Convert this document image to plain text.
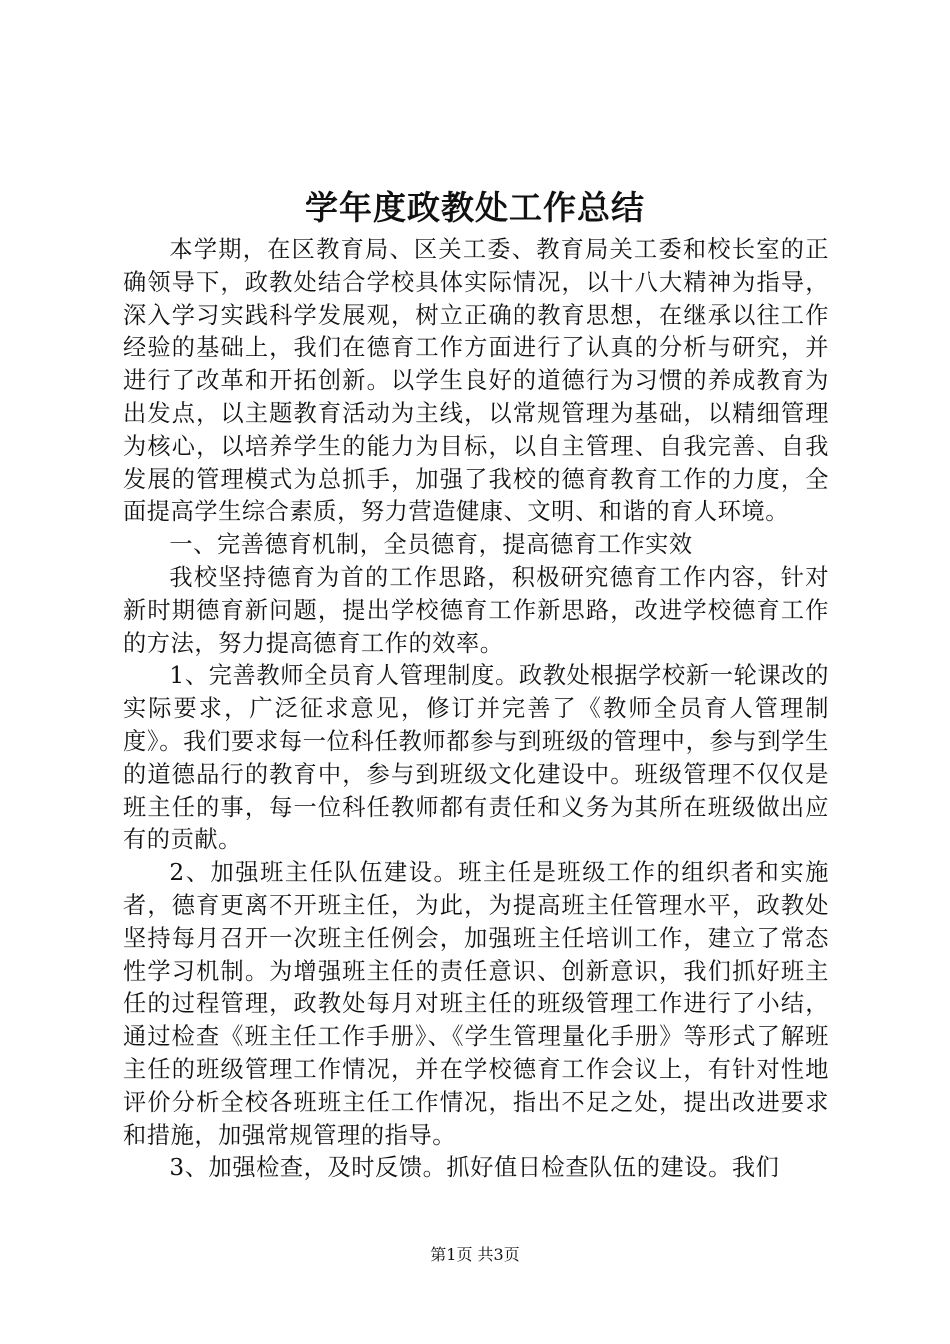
学年度政教处工作总结

本学期，在区教育局、区关工委、教育局关工委和校长室的正确领导下，政教处结合学校具体实际情况，以十八大精神为指导，深入学习实践科学发展观，树立正确的教育思想，在继承以往工作经验的基础上，我们在德育工作方面进行了认真的分析与研究，并进行了改革和开拓创新。以学生良好的道德行为习惯的养成教育为出发点，以主题教育活动为主线，以常规管理为基础，以精细管理为核心，以培养学生的能力为目标，以自主管理、自我完善、自我发展的管理模式为总抓手，加强了我校的德育教育工作的力度，全面提高学生综合素质，努力营造健康、文明、和谐的育人环境。

一、完善德育机制，全员德育，提高德育工作实效

我校坚持德育为首的工作思路，积极研究德育工作内容，针对新时期德育新问题，提出学校德育工作新思路，改进学校德育工作的方法，努力提高德育工作的效率。

1、完善教师全员育人管理制度。政教处根据学校新一轮课改的实际要求，广泛征求意见，修订并完善了《教师全员育人管理制度》。我们要求每一位科任教师都参与到班级的管理中，参与到学生的道德品行的教育中，参与到班级文化建设中。班级管理不仅仅是班主任的事，每一位科任教师都有责任和义务为其所在班级做出应有的贡献。

2、加强班主任队伍建设。班主任是班级工作的组织者和实施者，德育更离不开班主任，为此，为提高班主任管理水平，政教处坚持每月召开一次班主任例会，加强班主任培训工作，建立了常态性学习机制。为增强班主任的责任意识、创新意识，我们抓好班主任的过程管理，政教处每月对班主任的班级管理工作进行了小结，通过检查《班主任工作手册》、《学生管理量化手册》等形式了解班主任的班级管理工作情况，并在学校德育工作会议上，有针对性地评价分析全校各班班主任工作情况，指出不足之处，提出改进要求和措施，加强常规管理的指导。

3、加强检查，及时反馈。抓好值日检查队伍的建设。我们

第1页 共3页
